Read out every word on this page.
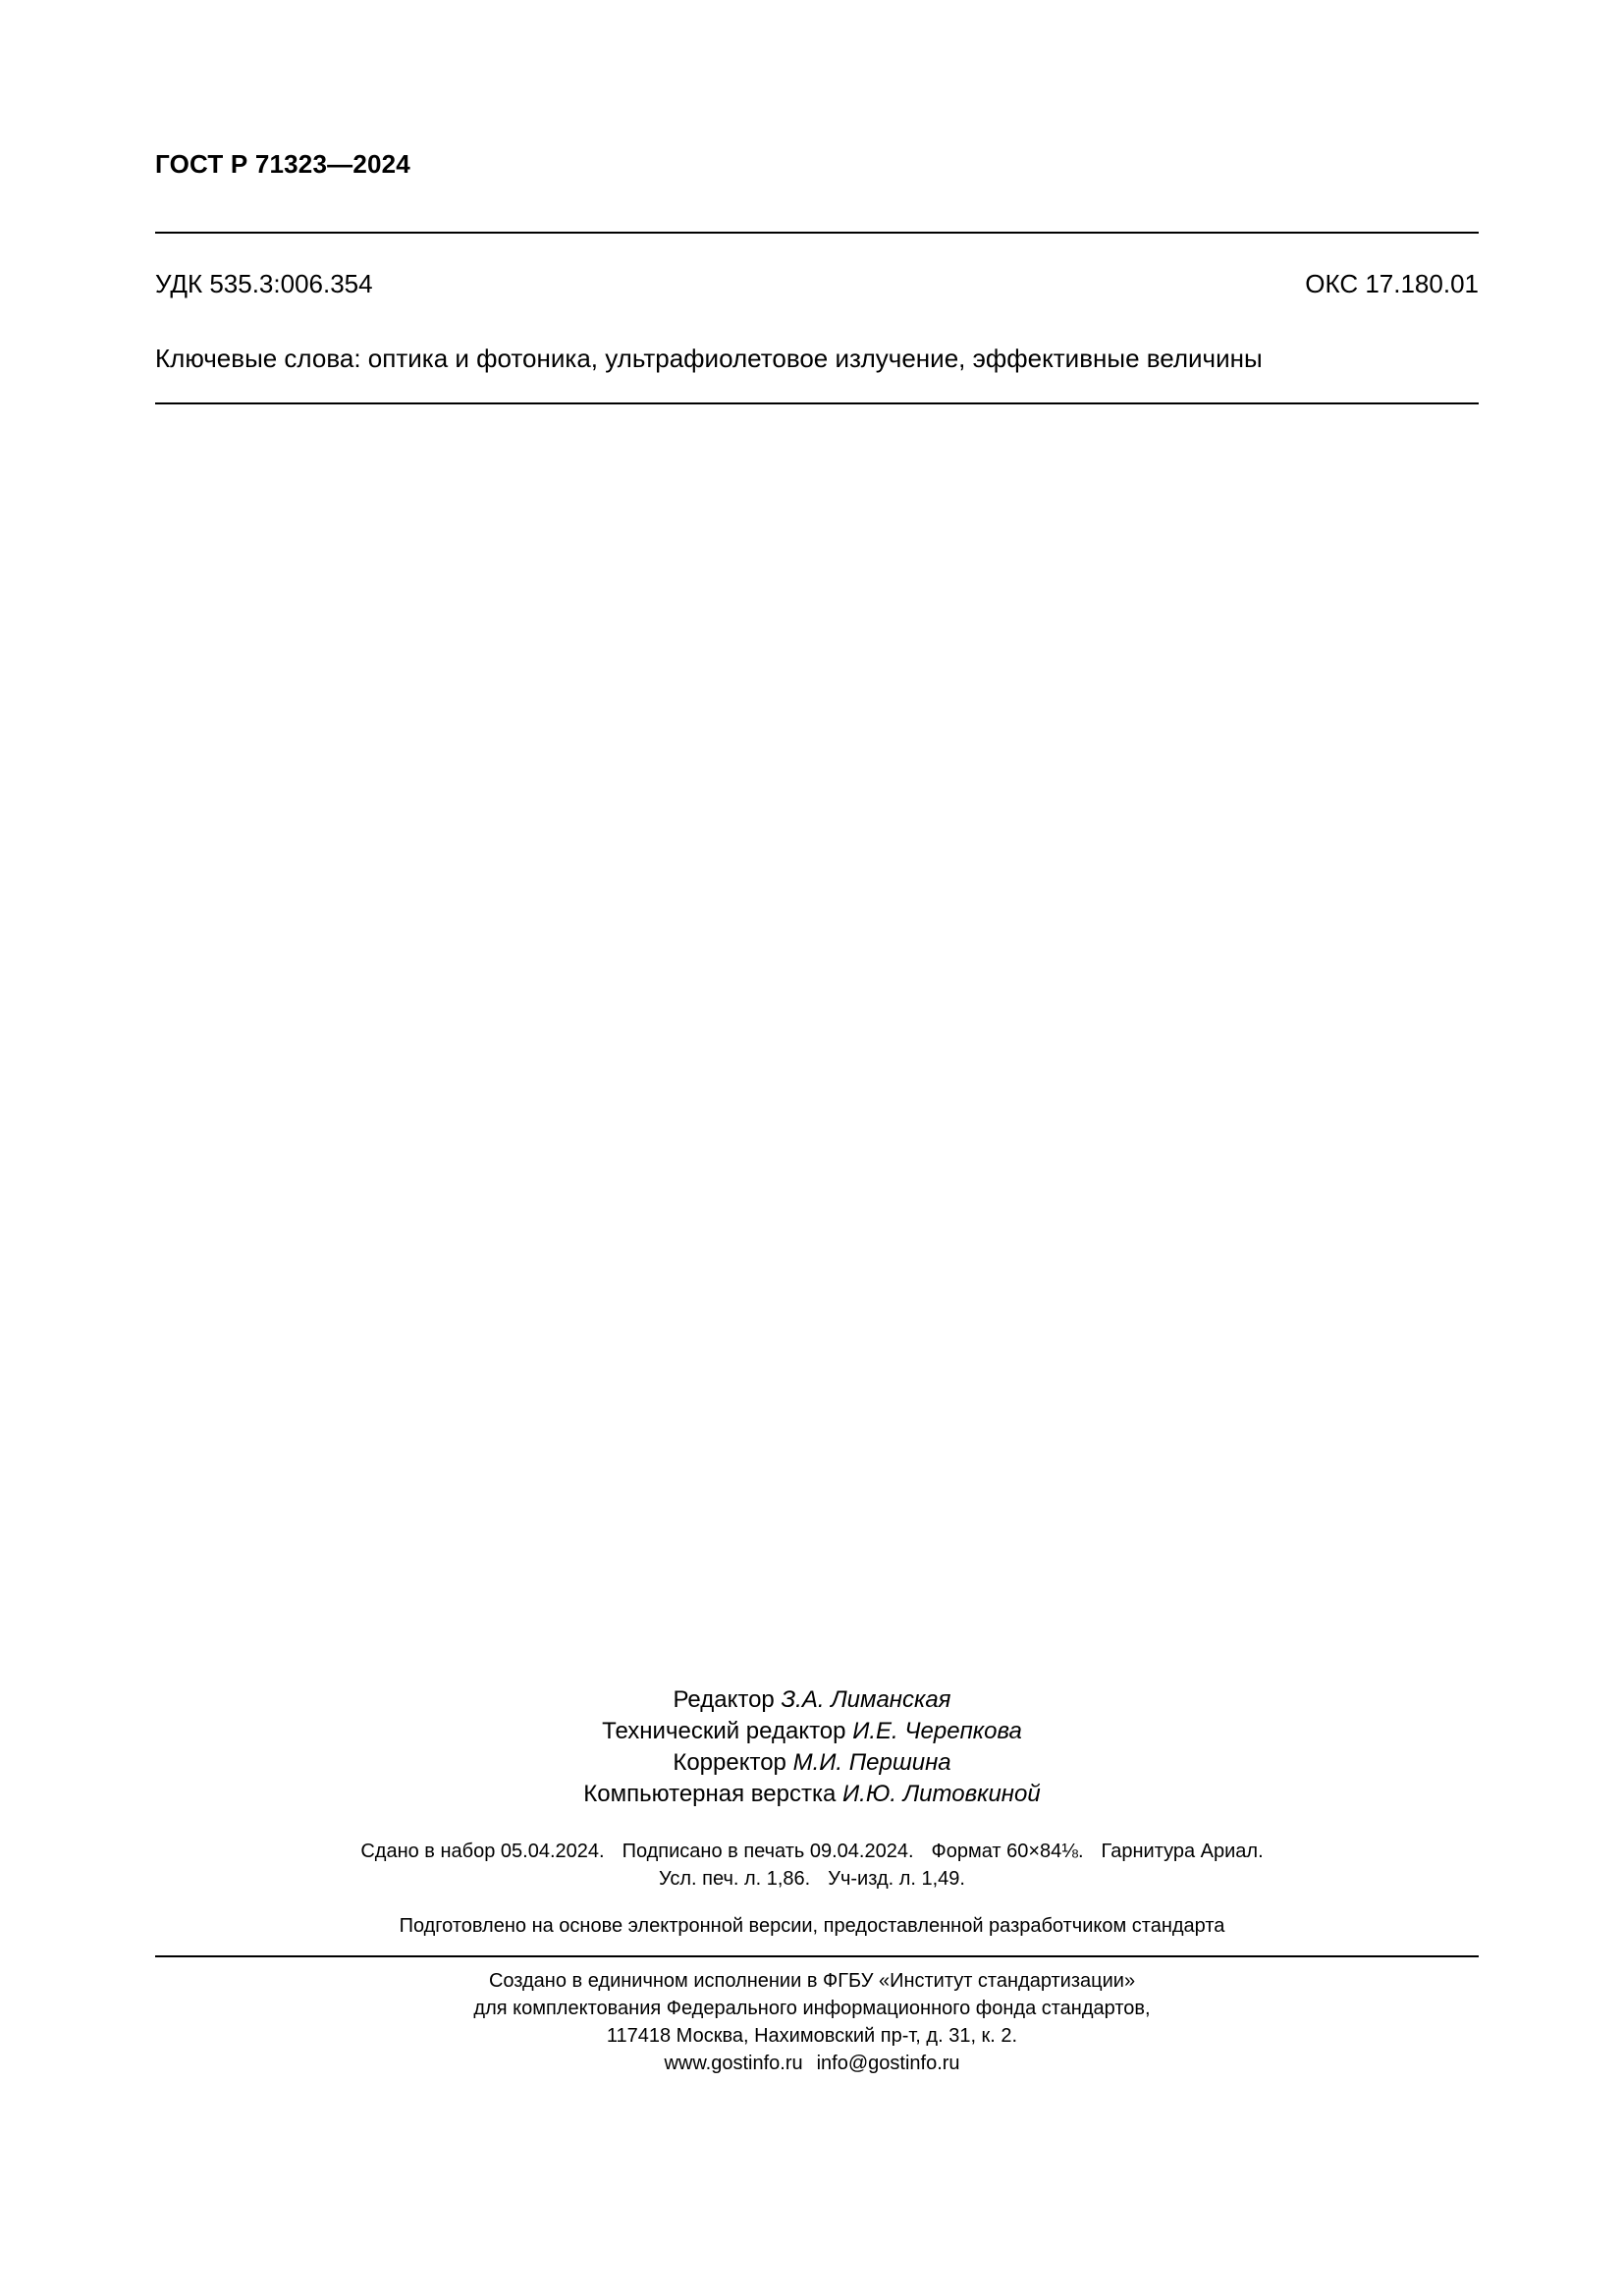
ГОСТ Р 71323—2024
УДК 535.3:006.354	ОКС 17.180.01
Ключевые слова: оптика и фотоника, ультрафиолетовое излучение, эффективные величины
Редактор З.А. Лиманская
Технический редактор И.Е. Черепкова
Корректор М.И. Першина
Компьютерная верстка И.Ю. Литовкиной
Сдано в набор 05.04.2024. Подписано в печать 09.04.2024. Формат 60×84⅛. Гарнитура Ариал.
Усл. печ. л. 1,86. Уч-изд. л. 1,49.
Подготовлено на основе электронной версии, предоставленной разработчиком стандарта
Создано в единичном исполнении в ФГБУ «Институт стандартизации»
для комплектования Федерального информационного фонда стандартов,
117418 Москва, Нахимовский пр-т, д. 31, к. 2.
www.gostinfo.ru info@gostinfo.ru
